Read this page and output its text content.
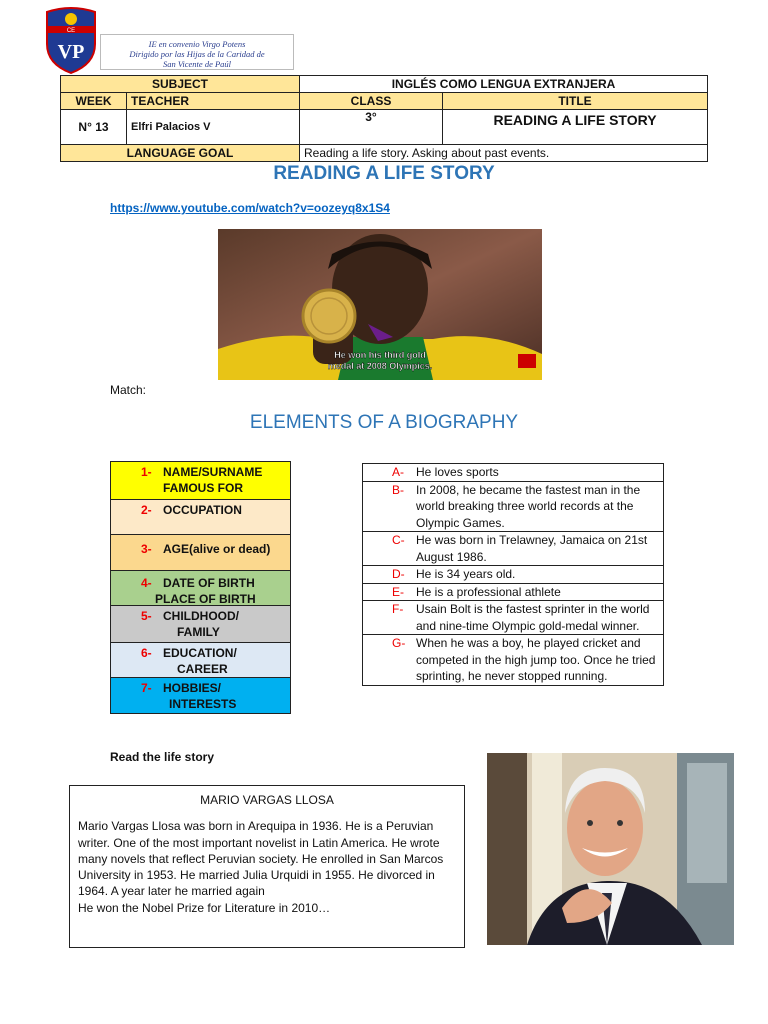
CE
VP	IE en convenio Virgo Potens
Dirigido por las Hijas de la Caridad de
San Vicente de Paúl
SUBJECT		INGLÉS COMO LENGUA EXTRANJERA	
WEEK	TEACHER	CLASS	TITLE
N° 13	Elfri Palacios V	3°	READING A LIFE STORY
LANGUAGE GOAL		Reading a life story. Asking about past events.	
READING A LIFE STORY
https://www.youtube.com/watch?v=oozeyq8x1S4
He won his third gold
medal at 2008 Olympics.
Match:
ELEMENTS OF A BIOGRAPHY
1- NAME/SURNAME
FAMOUS FOR
2- OCCUPATION
3- AGE(alive or dead)
4- DATE OF BIRTH
PLACE OF BIRTH
5- CHILDHOOD/
FAMILY
6- EDUCATION/
CAREER
7- HOBBIES/
INTERESTS
A- He loves sports
B- In 2008, he became the fastest man in the world breaking three world records at the Olympic Games.
C- He was born in Trelawney, Jamaica on 21st August 1986.
D- He is 34 years old.
E- He is a professional athlete
F- Usain Bolt is the fastest sprinter in the world and nine-time Olympic gold-medal winner.
G- When he was a boy, he played cricket and competed in the high jump too. Once he tried sprinting, he never stopped running.
Read the life story
MARIO VARGAS LLOSA

Mario Vargas Llosa was born in Arequipa in 1936. He is a Peruvian writer. One of the most important novelist in Latin America. He wrote many novels that reflect Peruvian society. He enrolled in San Marcos University in 1953. He married Julia Urquidi in 1955. He divorced in 1964. A year later he married again

He won the Nobel Prize for Literature in 2010…
